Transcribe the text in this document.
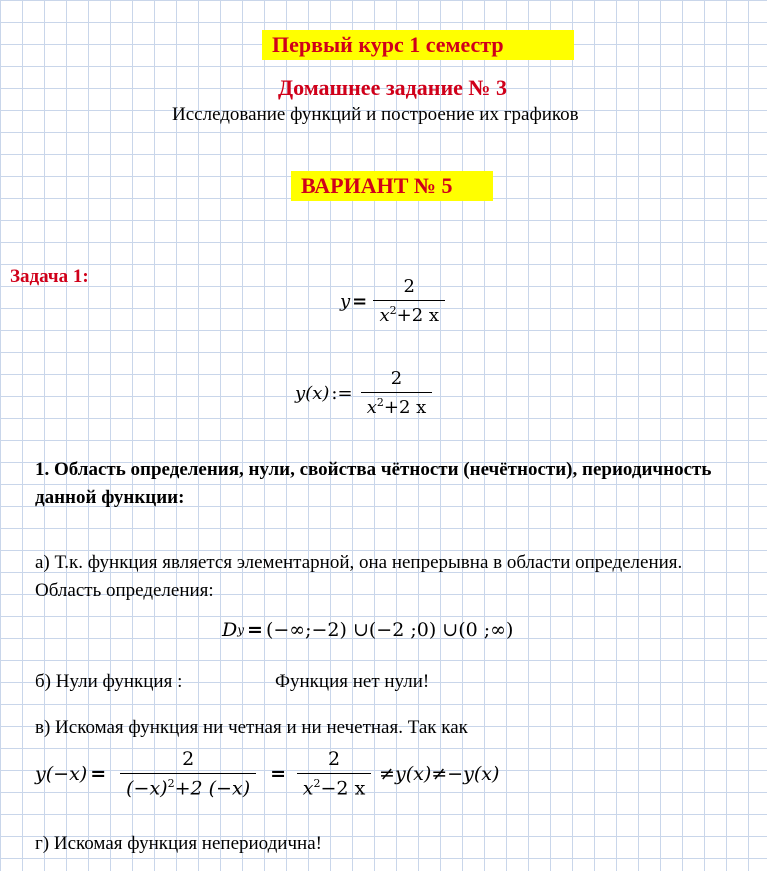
Первый курс 1 семестр
Домашнее задание № 3
Исследование функций и построение их графиков
ВАРИАНТ № 5
Задача 1:
$y = \frac{2}{x^2+2 x}$
y(x) := $\frac{2}{x^2+2 x}$
1. Область определения, нули, свойства чётности (нечётности), периодичность данной функции:
а) Т.к. функция является элементарной, она непрерывна в области определения. Область определения:
D y = (−∞;−2) ∪(−2 ;0) ∪(0 ;∞)
б) Нули функция :	Функция нет нули!
в) Искомая функция ни четная и ни нечетная. Так как
$y(-x) = \frac{2}{(-x)^2+2 (-x)} = \frac{2}{x^2-2 x} \ne y(x)\ne-y(x)$
г) Искомая функция непериодична!
